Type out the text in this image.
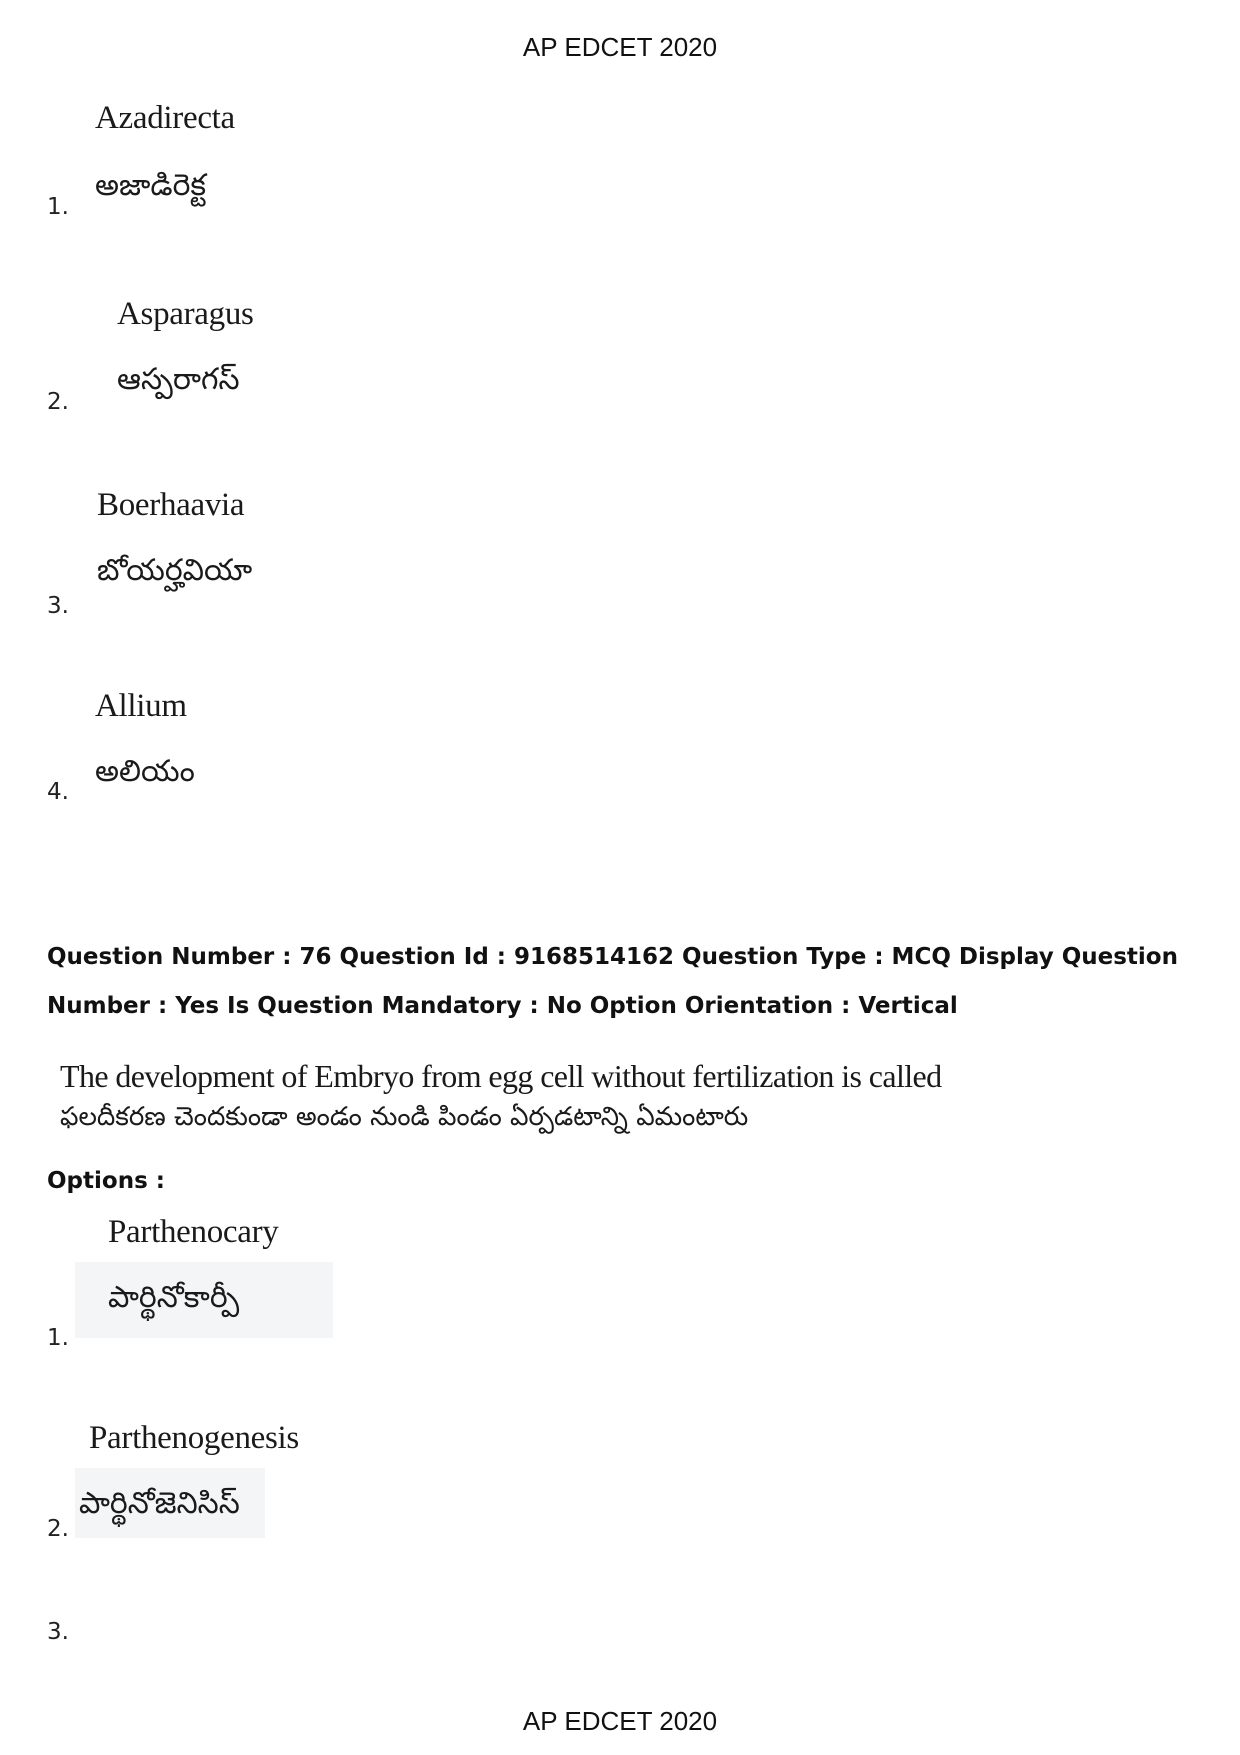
AP EDCET 2020
Azadirecta
అజాడిరెక్ట
1.
Asparagus
ఆస్పరాగస్
2.
Boerhaavia
బోయర్హవియా
3.
Allium
అలియం
4.
Question Number : 76 Question Id : 9168514162 Question Type : MCQ Display Question
Number : Yes Is Question Mandatory : No Option Orientation : Vertical
The development of Embryo from egg cell without fertilization is called
ఫలదీకరణ చెందకుండా అండం నుండి పిండం ఏర్పడటాన్ని ఏమంటారు
Options :
Parthenocary
పార్థినోకార్పీ
1.
Parthenogenesis
పార్థినోజెనిసిస్
2.
3.
AP EDCET 2020
